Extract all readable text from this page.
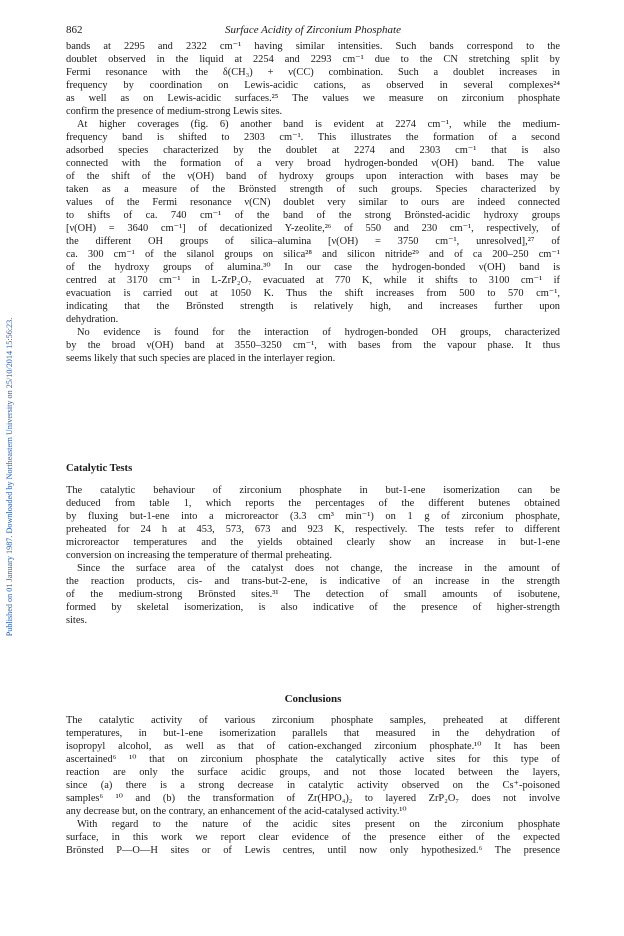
Published on 01 January 1987. Downloaded by Northeastern University on 25/10/2014 15:56:23.
862	Surface Acidity of Zirconium Phosphate
bands at 2295 and 2322 cm⁻¹ having similar intensities. Such bands correspond to the
doublet observed in the liquid at 2254 and 2293 cm⁻¹ due to the CN stretching split by
Fermi resonance with the δ(CH₃) + ν(CC) combination. Such a doublet increases in
frequency by coordination on Lewis-acidic cations, as observed in several complexes²⁴
as well as on Lewis-acidic surfaces.²⁵ The values we measure on zirconium phosphate
confirm the presence of medium-strong Lewis sites.
At higher coverages (fig. 6) another band is evident at 2274 cm⁻¹, while the medium-
frequency band is shifted to 2303 cm⁻¹. This illustrates the formation of a second
adsorbed species characterized by the doublet at 2274 and 2303 cm⁻¹ that is also
connected with the formation of a very broad hydrogen-bonded ν(OH) band. The value
of the shift of the ν(OH) band of hydroxy groups upon interaction with bases may be
taken as a measure of the Brönsted strength of such groups. Species characterized by
values of the Fermi resonance ν(CN) doublet very similar to ours are indeed connected
to shifts of ca. 740 cm⁻¹ of the band of the strong Brönsted-acidic hydroxy groups
[ν(OH) = 3640 cm⁻¹] of decationized Y-zeolite,²⁶ of 550 and 230 cm⁻¹, respectively, of
the different OH groups of silica–alumina [ν(OH) = 3750 cm⁻¹, unresolved],²⁷ of
ca. 300 cm⁻¹ of the silanol groups on silica²⁸ and silicon nitride²⁹ and of ca 200–250 cm⁻¹
of the hydroxy groups of alumina.³⁰ In our case the hydrogen-bonded ν(OH) band is
centred at 3170 cm⁻¹ in L-ZrP₂O₇ evacuated at 770 K, while it shifts to 3100 cm⁻¹ if
evacuation is carried out at 1050 K. Thus the shift increases from 500 to 570 cm⁻¹,
indicating that the Brönsted strength is relatively high, and increases further upon
dehydration.
No evidence is found for the interaction of hydrogen-bonded OH groups, characterized
by the broad ν(OH) band at 3550–3250 cm⁻¹, with bases from the vapour phase. It thus
seems likely that such species are placed in the interlayer region.
Catalytic Tests
The catalytic behaviour of zirconium phosphate in but-1-ene isomerization can be
deduced from table 1, which reports the percentages of the different butenes obtained
by fluxing but-1-ene into a microreactor (3.3 cm³ min⁻¹) on 1 g of zirconium phosphate,
preheated for 24 h at 453, 573, 673 and 923 K, respectively. The tests refer to different
microreactor temperatures and the yields obtained clearly show an increase in but-1-ene
conversion on increasing the temperature of thermal preheating.
Since the surface area of the catalyst does not change, the increase in the amount of
the reaction products, cis- and trans-but-2-ene, is indicative of an increase in the strength
of the medium-strong Brönsted sites.³¹ The detection of small amounts of isobutene,
formed by skeletal isomerization, is also indicative of the presence of higher-strength
sites.
Conclusions
The catalytic activity of various zirconium phosphate samples, preheated at different
temperatures, in but-1-ene isomerization parallels that measured in the dehydration of
isopropyl alcohol, as well as that of cation-exchanged zirconium phosphate.¹⁰ It has been
ascertained⁶ ¹⁰ that on zirconium phosphate the catalytically active sites for this type of
reaction are only the surface acidic groups, and not those located between the layers,
since (a) there is a strong decrease in catalytic activity observed on the Cs⁺-poisoned
samples⁶ ¹⁰ and (b) the transformation of Zr(HPO₄)₂ to layered ZrP₂O₇ does not involve
any decrease but, on the contrary, an enhancement of the acid-catalysed activity.¹⁰
With regard to the nature of the acidic sites present on the zirconium phosphate
surface, in this work we report clear evidence of the presence either of the expected
Brönsted P—O—H sites or of Lewis centres, until now only hypothesized.⁶ The presence
